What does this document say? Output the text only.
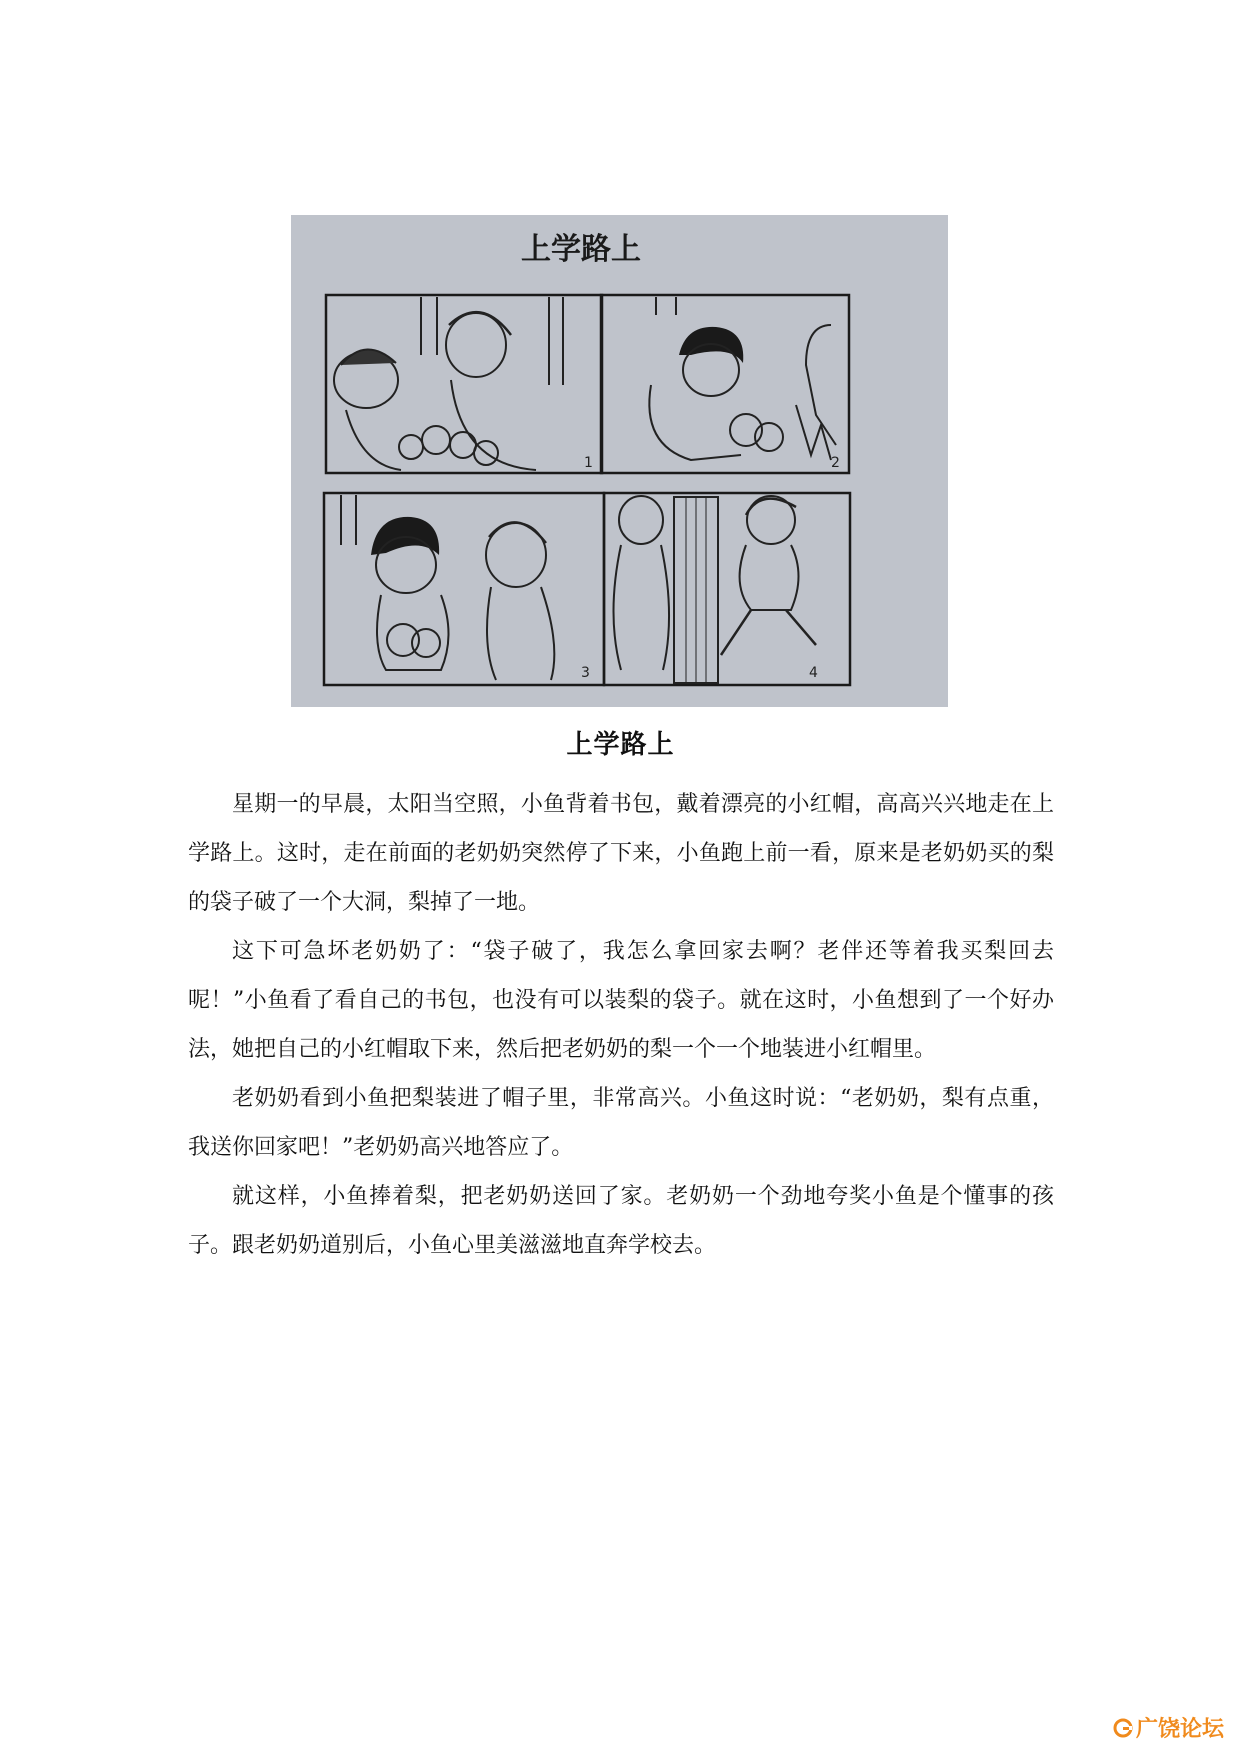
上学路上
1	2
3	4
上学路上

星期一的早晨，太阳当空照，小鱼背着书包，戴着漂亮的小红帽，高高兴兴地走在上学路上。这时，走在前面的老奶奶突然停了下来，小鱼跑上前一看，原来是老奶奶买的梨的袋子破了一个大洞，梨掉了一地。

这下可急坏老奶奶了：“袋子破了，我怎么拿回家去啊？老伴还等着我买梨回去呢！”小鱼看了看自己的书包，也没有可以装梨的袋子。就在这时，小鱼想到了一个好办法，她把自己的小红帽取下来，然后把老奶奶的梨一个一个地装进小红帽里。

老奶奶看到小鱼把梨装进了帽子里，非常高兴。小鱼这时说：“老奶奶，梨有点重，我送你回家吧！”老奶奶高兴地答应了。

就这样，小鱼捧着梨，把老奶奶送回了家。老奶奶一个劲地夸奖小鱼是个懂事的孩子。跟老奶奶道别后，小鱼心里美滋滋地直奔学校去。

广饶论坛
